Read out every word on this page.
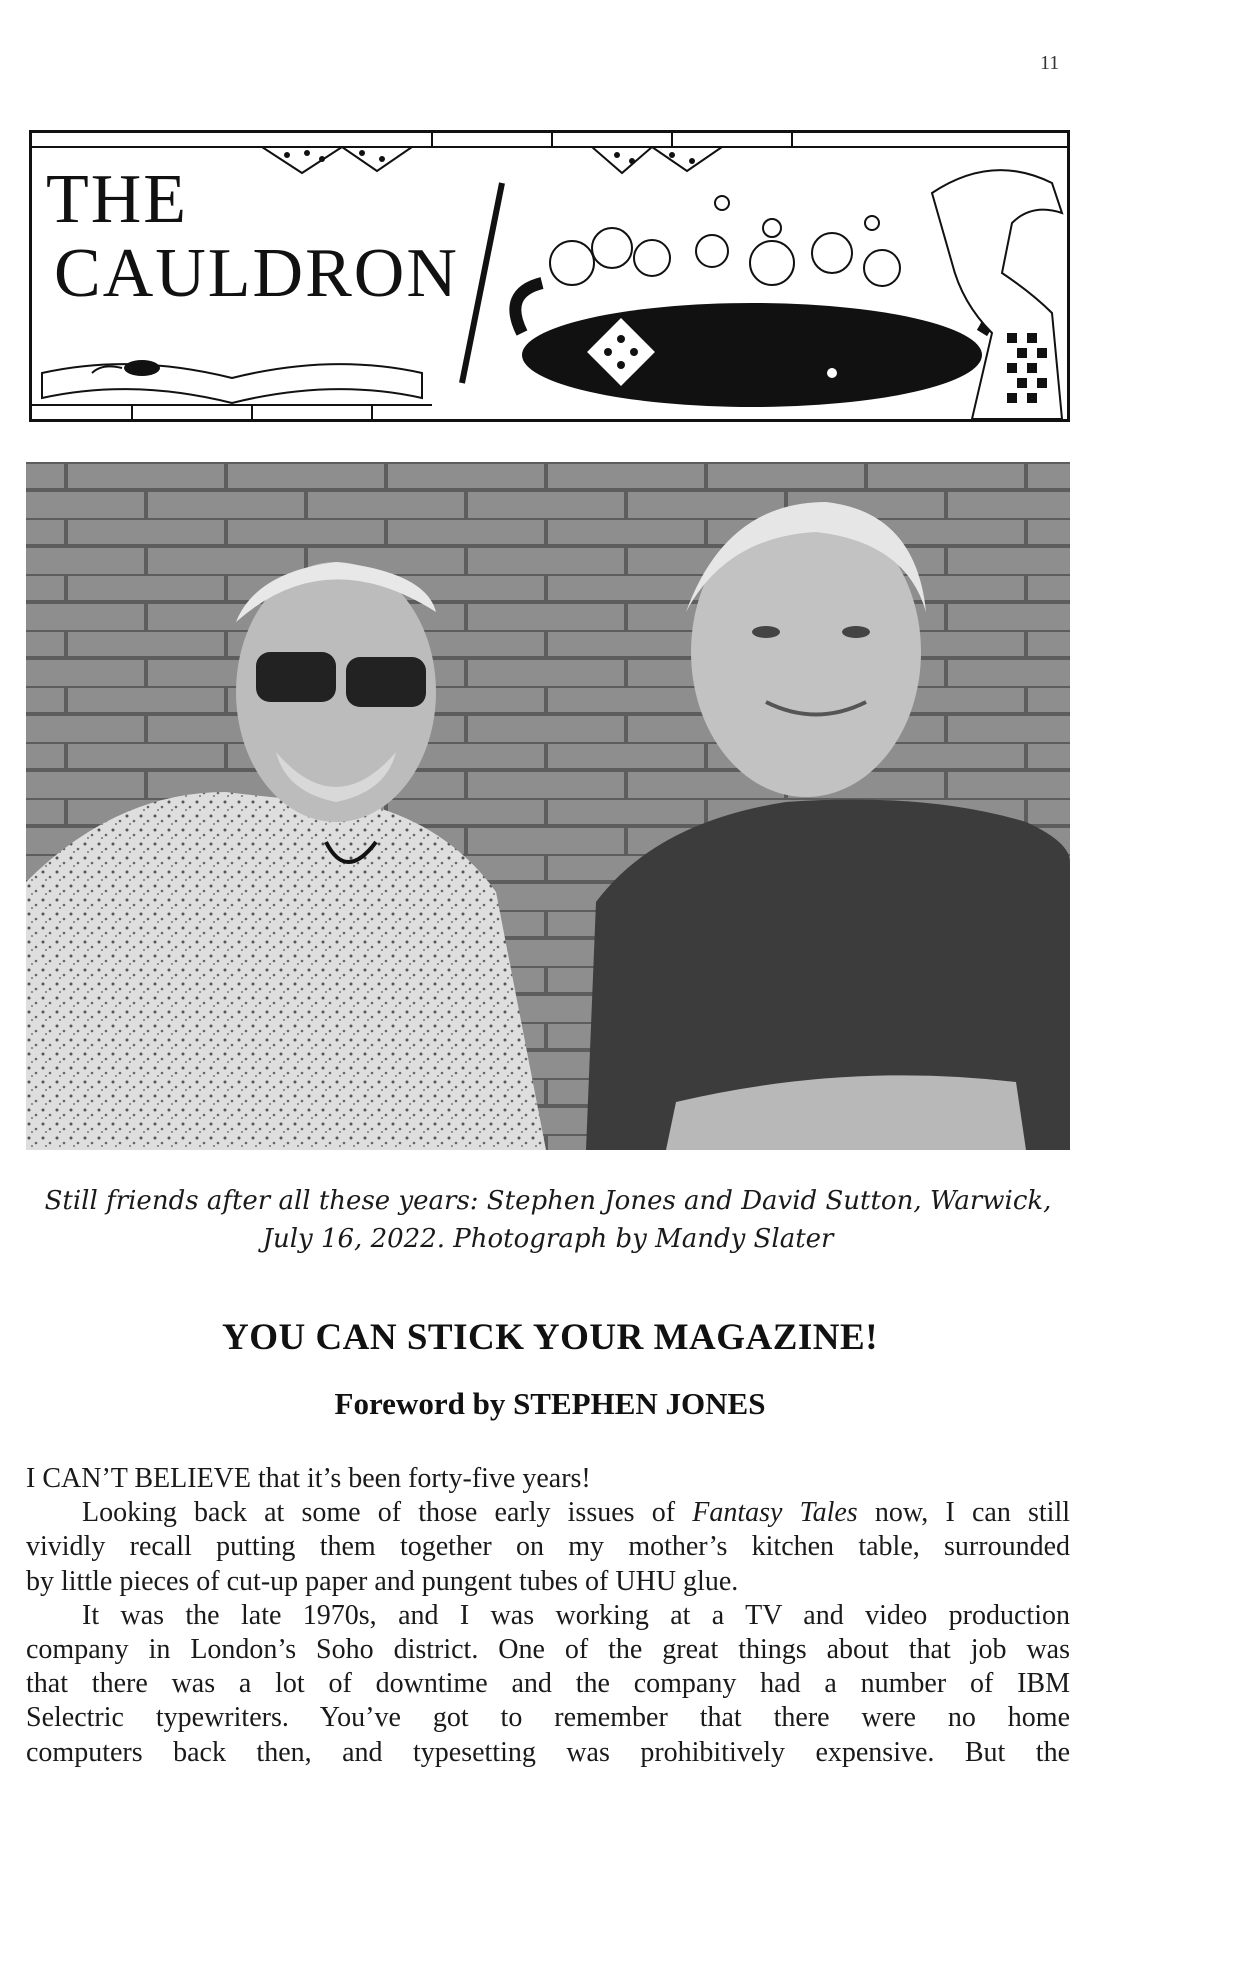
11
THE
CAULDRON
Still friends after all these years: Stephen Jones and David Sutton, Warwick,
July 16, 2022. Photograph by Mandy Slater
YOU CAN STICK YOUR MAGAZINE!
Foreword by STEPHEN JONES
I CAN’T BELIEVE that it’s been forty-five years!
Looking back at some of those early issues of Fantasy Tales now, I can still
vividly recall putting them together on my mother’s kitchen table, surrounded
by little pieces of cut-up paper and pungent tubes of UHU glue.
It was the late 1970s, and I was working at a TV and video production
company in London’s Soho district. One of the great things about that job was
that there was a lot of downtime and the company had a number of IBM
Selectric typewriters. You’ve got to remember that there were no home
computers back then, and typesetting was prohibitively expensive. But the
